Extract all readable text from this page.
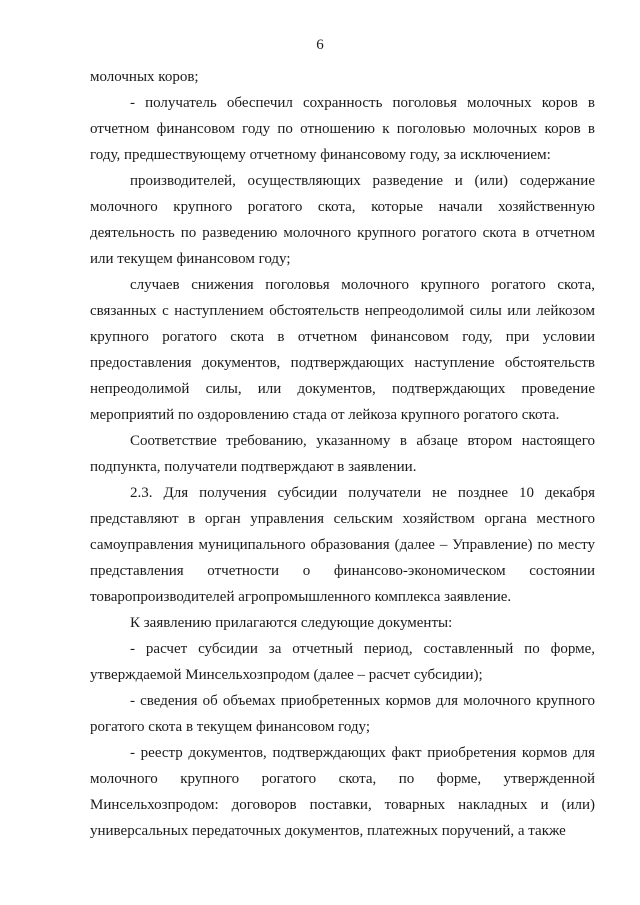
6

молочных коров;

- получатель обеспечил сохранность поголовья молочных коров в отчетном финансовом году по отношению к поголовью молочных коров в году, предшествующему отчетному финансовому году, за исключением:

производителей, осуществляющих разведение и (или) содержание молочного крупного рогатого скота, которые начали хозяйственную деятельность по разведению молочного крупного рогатого скота в отчетном или текущем финансовом году;

случаев снижения поголовья молочного крупного рогатого скота, связанных с наступлением обстоятельств непреодолимой силы или лейкозом крупного рогатого скота в отчетном финансовом году, при условии предоставления документов, подтверждающих наступление обстоятельств непреодолимой силы, или документов, подтверждающих проведение мероприятий по оздоровлению стада от лейкоза крупного рогатого скота.

Соответствие требованию, указанному в абзаце втором настоящего подпункта, получатели подтверждают в заявлении.

2.3. Для получения субсидии получатели не позднее 10 декабря представляют в орган управления сельским хозяйством органа местного самоуправления муниципального образования (далее – Управление) по месту представления отчетности о финансово-экономическом состоянии товаропроизводителей агропромышленного комплекса заявление.

К заявлению прилагаются следующие документы:

- расчет субсидии за отчетный период, составленный по форме, утверждаемой Минсельхозпродом (далее – расчет субсидии);

- сведения об объемах приобретенных кормов для молочного крупного рогатого скота в текущем финансовом году;

- реестр документов, подтверждающих факт приобретения кормов для молочного крупного рогатого скота, по форме, утвержденной Минсельхозпродом: договоров поставки, товарных накладных и (или) универсальных передаточных документов, платежных поручений, а также
